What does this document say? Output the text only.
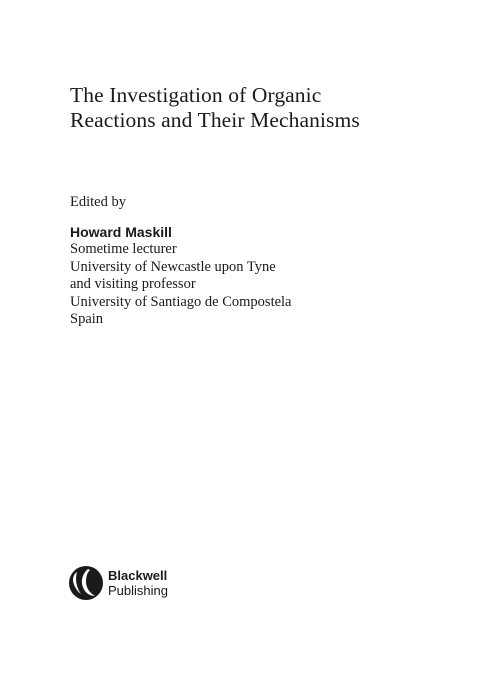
The Investigation of Organic
Reactions and Their Mechanisms
Edited by
Howard Maskill
Sometime lecturer
University of Newcastle upon Tyne
and visiting professor
University of Santiago de Compostela
Spain
Blackwell
Publishing
